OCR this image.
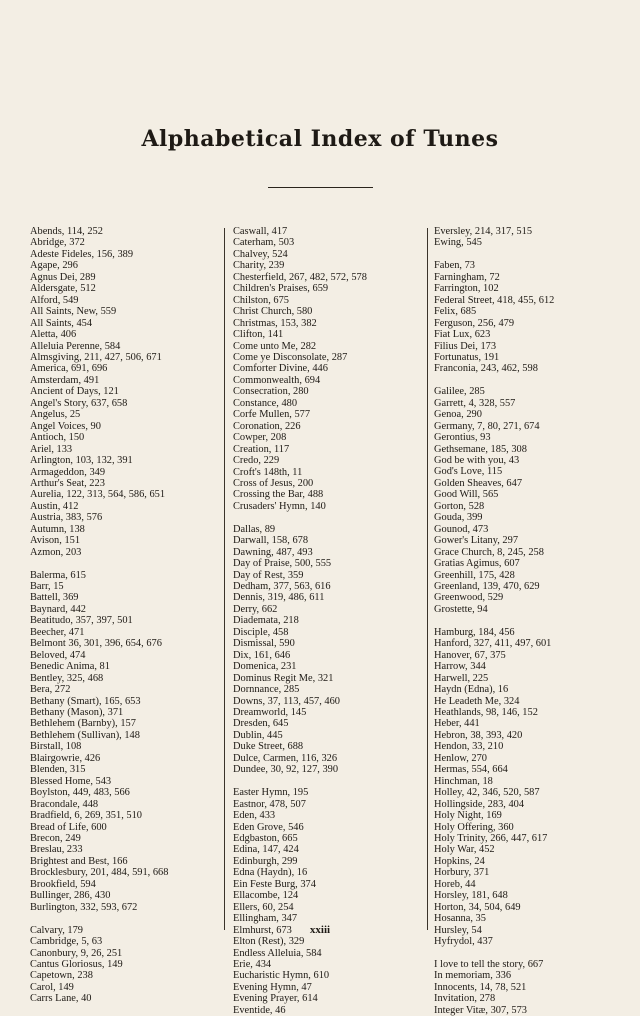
Alphabetical Index of Tunes
Abends, 114, 252
Abridge, 372
Adeste Fideles, 156, 389
Agape, 296
Agnus Dei, 289
Aldersgate, 512
Alford, 549
All Saints, New, 559
All Saints, 454
Aletta, 406
Alleluia Perenne, 584
Almsgiving, 211, 427, 506, 671
America, 691, 696
Amsterdam, 491
Ancient of Days, 121
Angel's Story, 637, 658
Angelus, 25
Angel Voices, 90
Antioch, 150
Ariel, 133
Arlington, 103, 132, 391
Armageddon, 349
Arthur's Seat, 223
Aurelia, 122, 313, 564, 586, 651
Austin, 412
Austria, 383, 576
Autumn, 138
Avison, 151
Azmon, 203
Balerma, 615
Barr, 15
Battell, 369
Baynard, 442
Beatitudo, 357, 397, 501
Beecher, 471
Belmont 36, 301, 396, 654, 676
Beloved, 474
Benedic Anima, 81
Bentley, 325, 468
Bera, 272
Bethany (Smart), 165, 653
Bethany (Mason), 371
Bethlehem (Barnby), 157
Bethlehem (Sullivan), 148
Birstall, 108
Blairgowrie, 426
Blenden, 315
Blessed Home, 543
Boylston, 449, 483, 566
Bracondale, 448
Bradfield, 6, 269, 351, 510
Bread of Life, 600
Brecon, 249
Breslau, 233
Brightest and Best, 166
Brocklesbury, 201, 484, 591, 668
Brookfield, 594
Bullinger, 286, 430
Burlington, 332, 593, 672
Calvary, 179
Cambridge, 5, 63
Canonbury, 9, 26, 251
Cantus Gloriosus, 149
Capetown, 238
Carol, 149
Carrs Lane, 40
Caswall, 417
Caterham, 503
Chalvey, 524
Charity, 239
Chesterfield, 267, 482, 572, 578
Children's Praises, 659
Chilston, 675
Christ Church, 580
Christmas, 153, 382
Clifton, 141
Come unto Me, 282
Come ye Disconsolate, 287
Comforter Divine, 446
Commonwealth, 694
Consecration, 280
Constance, 480
Corfe Mullen, 577
Coronation, 226
Cowper, 208
Creation, 117
Credo, 229
Croft's 148th, 11
Cross of Jesus, 200
Crossing the Bar, 488
Crusaders' Hymn, 140
Dallas, 89
Darwall, 158, 678
Dawning, 487, 493
Day of Praise, 500, 555
Day of Rest, 359
Dedham, 377, 563, 616
Dennis, 319, 486, 611
Derry, 662
Diademata, 218
Disciple, 458
Dismissal, 590
Dix, 161, 646
Domenica, 231
Dominus Regit Me, 321
Dornnance, 285
Downs, 37, 113, 457, 460
Dreamworld, 145
Dresden, 645
Dublin, 445
Duke Street, 688
Dulce, Carmen, 116, 326
Dundee, 30, 92, 127, 390
Easter Hymn, 195
Eastnor, 478, 507
Eden, 433
Eden Grove, 546
Edgbaston, 665
Edina, 147, 424
Edinburgh, 299
Edna (Haydn), 16
Ein Feste Burg, 374
Ellacombe, 124
Ellers, 60, 254
Ellingham, 347
Elmhurst, 673
Elton (Rest), 329
Endless Alleluia, 584
Erie, 434
Eucharistic Hymn, 610
Evening Hymn, 47
Evening Prayer, 614
Eventide, 46
Eversley, 214, 317, 515
Ewing, 545
Faben, 73
Farningham, 72
Farrington, 102
Federal Street, 418, 455, 612
Felix, 685
Ferguson, 256, 479
Fiat Lux, 623
Filius Dei, 173
Fortunatus, 191
Franconia, 243, 462, 598
Galilee, 285
Garrett, 4, 328, 557
Genoa, 290
Germany, 7, 80, 271, 674
Gerontius, 93
Gethsemane, 185, 308
God be with you, 43
God's Love, 115
Golden Sheaves, 647
Good Will, 565
Gorton, 528
Gouda, 399
Gounod, 473
Gower's Litany, 297
Grace Church, 8, 245, 258
Gratias Agimus, 607
Greenhill, 175, 428
Greenland, 139, 470, 629
Greenwood, 529
Grostette, 94
Hamburg, 184, 456
Hanford, 327, 411, 497, 601
Hanover, 67, 375
Harrow, 344
Harwell, 225
Haydn (Edna), 16
He Leadeth Me, 324
Heathlands, 98, 146, 152
Heber, 441
Hebron, 38, 393, 420
Hendon, 33, 210
Henlow, 270
Hermas, 554, 664
Hinchman, 18
Holley, 42, 346, 520, 587
Hollingside, 283, 404
Holy Night, 169
Holy Offering, 360
Holy Trinity, 266, 447, 617
Holy War, 452
Hopkins, 24
Horbury, 371
Horeb, 44
Horsley, 181, 648
Horton, 34, 504, 649
Hosanna, 35
Hursley, 54
Hyfrydol, 437
I love to tell the story, 667
In memoriam, 336
Innocents, 14, 78, 521
Invitation, 278
Integer Vitæ, 307, 573
xxiii
